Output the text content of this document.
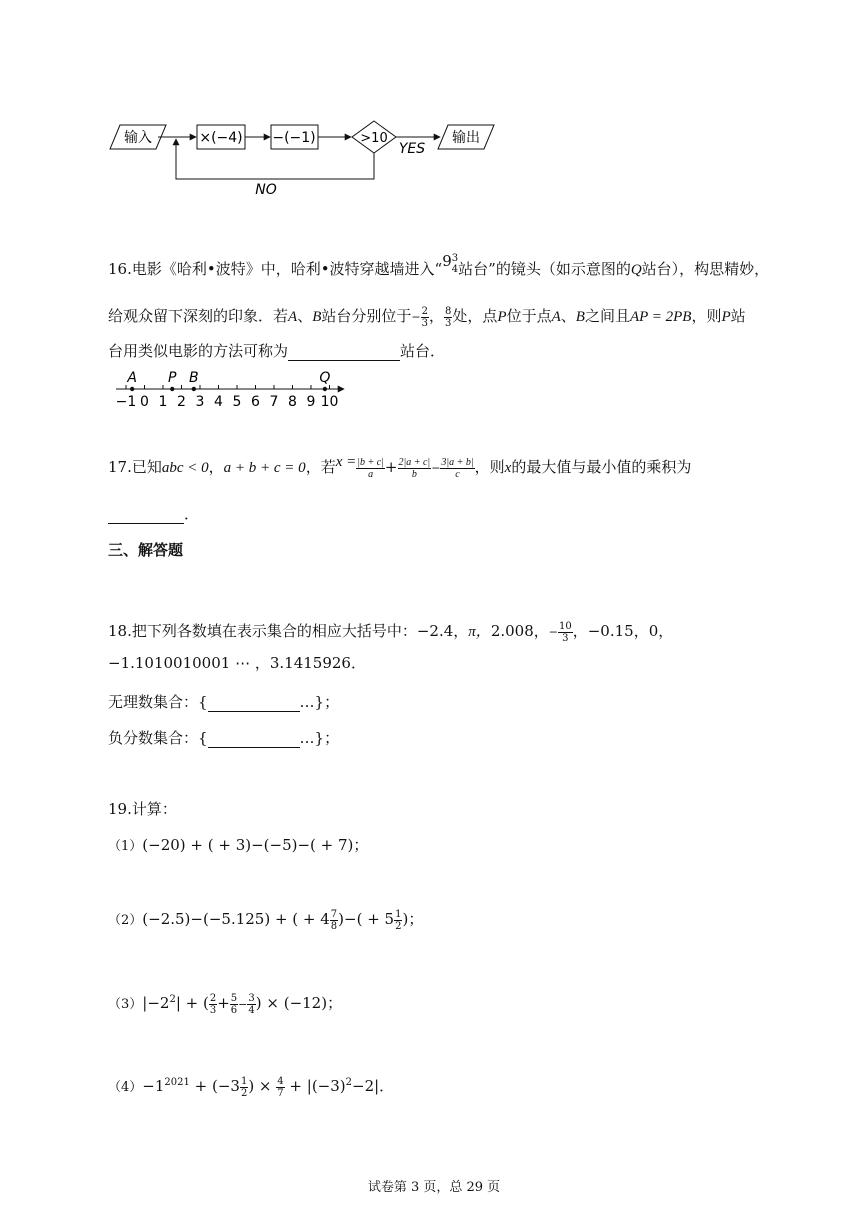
输入	×(−4) −(−1)	>10
YES
输出
NO
16.电影《哈利•波特》中，哈利•波特穿越墙进入“9 3
4 站台”的镜头（如示意图的Q站台），构思精妙，
给观众留下深刻的印象．若A、B站台分别位于− $\frac{2}{3}$ ， $\frac{8}{3}$ 处，点P位于点A、B之间且AP = 2PB，则P站
台用类似电影的方法可称为	站台．
−1 0 1 2 3 4 5 6 7 8 9 10
A P B	Q
17.已知abc < 0，a + b + c = 0，若$x = \frac{|b + c|}{a} + \frac{2|a + c|}{b} - \frac{3|a + b|}{c}$ ，则x的最大值与最小值的乘积为
．
三、解答题
18.把下列各数填在表示集合的相应大括号中：−2.4，π，2.008，− $\frac{10}{3}$ ，−0.15，0，
−1.1010010001 ⋯ ，3.1415926．
无理数集合：{	…}；
负分数集合：{	…}；
19.计算：
（1）(−20) + ( + 3)−(−5)−( + 7)；
（2）(−2.5)−(−5.125) + ( + $4 \frac{7}{8}$ )−( + $5 \frac{1}{2}$ )；
$(3)|-2^2|$ + ( $\frac{2}{3} + \frac{5}{6} - \frac{3}{4}$ ) × (−12)；
$(4)-1^{2021} + (-3 \frac{1}{2}$ ) × $\frac{4}{7} + |(-3)^2-2|$．
试卷第 3 页，总 29 页
